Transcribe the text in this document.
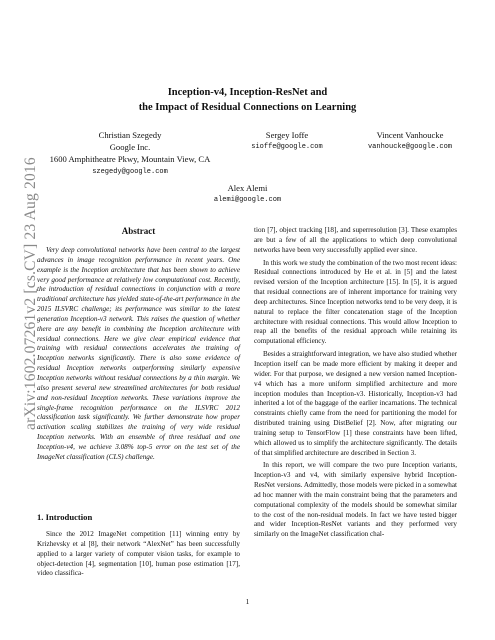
arXiv:1602.07261v2 [cs.CV] 23 Aug 2016
Inception-v4, Inception-ResNet and
the Impact of Residual Connections on Learning
Christian Szegedy
Google Inc.
1600 Amphitheatre Pkwy, Mountain View, CA
szegedy@google.com
Sergey Ioffe
sioffe@google.com
Vincent Vanhoucke
vanhoucke@google.com
Alex Alemi
alemi@google.com
Abstract

Very deep convolutional networks have been central to the largest advances in image recognition performance in recent years. One example is the Inception architecture that has been shown to achieve very good performance at relatively low computational cost. Recently, the introduction of residual connections in conjunction with a more traditional architecture has yielded state-of-the-art performance in the 2015 ILSVRC challenge; its performance was similar to the latest generation Inception-v3 network. This raises the question of whether there are any benefit in combining the Inception architecture with residual connections. Here we give clear empirical evidence that training with residual connections accelerates the training of Inception networks significantly. There is also some evidence of residual Inception networks outperforming similarly expensive Inception networks without residual connections by a thin margin. We also present several new streamlined architectures for both residual and non-residual Inception networks. These variations improve the single-frame recognition performance on the ILSVRC 2012 classification task significantly. We further demonstrate how proper activation scaling stabilizes the training of very wide residual Inception networks. With an ensemble of three residual and one Inception-v4, we achieve 3.08% top-5 error on the test set of the ImageNet classification (CLS) challenge.

1. Introduction

Since the 2012 ImageNet competition [11] winning entry by Krizhevsky et al [8], their network “AlexNet” has been successfully applied to a larger variety of computer vision tasks, for example to object-detection [4], segmentation [10], human pose estimation [17], video classifica-

tion [7], object tracking [18], and superresolution [3]. These examples are but a few of all the applications to which deep convolutional networks have been very successfully applied ever since.

In this work we study the combination of the two most recent ideas: Residual connections introduced by He et al. in [5] and the latest revised version of the Inception architecture [15]. In [5], it is argued that residual connections are of inherent importance for training very deep architectures. Since Inception networks tend to be very deep, it is natural to replace the filter concatenation stage of the Inception architecture with residual connections. This would allow Inception to reap all the benefits of the residual approach while retaining its computational efficiency.

Besides a straightforward integration, we have also studied whether Inception itself can be made more efficient by making it deeper and wider. For that purpose, we designed a new version named Inception-v4 which has a more uniform simplified architecture and more inception modules than Inception-v3. Historically, Inception-v3 had inherited a lot of the baggage of the earlier incarnations. The technical constraints chiefly came from the need for partitioning the model for distributed training using DistBelief [2]. Now, after migrating our training setup to TensorFlow [1] these constraints have been lifted, which allowed us to simplify the architecture significantly. The details of that simplified architecture are described in Section 3.

In this report, we will compare the two pure Inception variants, Inception-v3 and v4, with similarly expensive hybrid Inception-ResNet versions. Admittedly, those models were picked in a somewhat ad hoc manner with the main constraint being that the parameters and computational complexity of the models should be somewhat similar to the cost of the non-residual models. In fact we have tested bigger and wider Inception-ResNet variants and they performed very similarly on the ImageNet classification chal-

1
